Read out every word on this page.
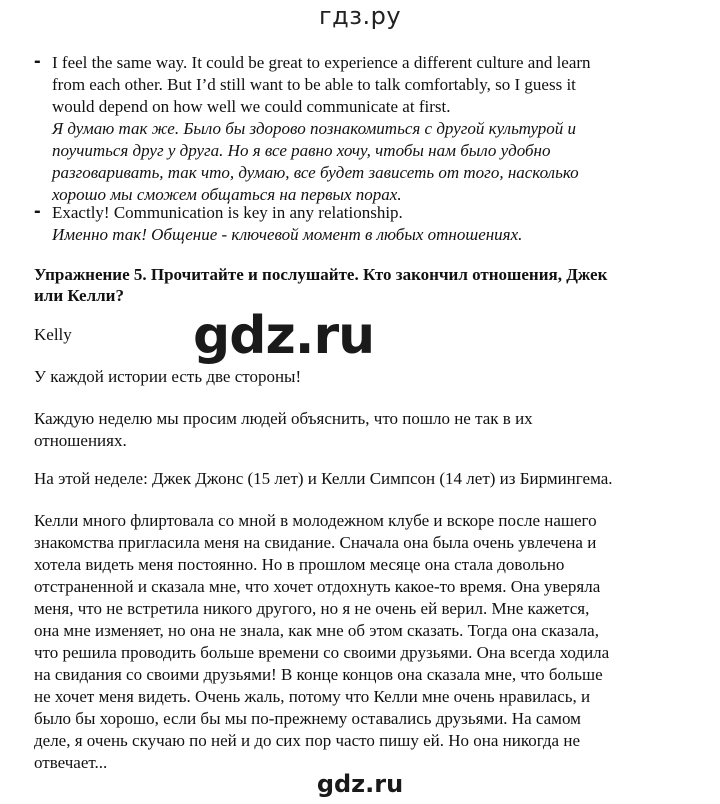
гдз.ру
- I feel the same way. It could be great to experience a different culture and learn
from each other. But I’d still want to be able to talk comfortably, so I guess it
would depend on how well we could communicate at first.
Я думаю так же. Было бы здорово познакомиться с другой культурой и
поучиться друг у друга. Но я все равно хочу, чтобы нам было удобно
разговаривать, так что, думаю, все будет зависеть от того, насколько
хорошо мы сможем общаться на первых порах.
- Exactly! Communication is key in any relationship.
Именно так! Общение - ключевой момент в любых отношениях.
Упражнение 5. Прочитайте и послушайте. Кто закончил отношения, Джек
или Келли?
Kelly	gdz.ru
У каждой истории есть две стороны!
Каждую неделю мы просим людей объяснить, что пошло не так в их
отношениях.
На этой неделе: Джек Джонс (15 лет) и Келли Симпсон (14 лет) из Бирмингема.
Келли много флиртовала со мной в молодежном клубе и вскоре после нашего
знакомства пригласила меня на свидание. Сначала она была очень увлечена и
хотела видеть меня постоянно. Но в прошлом месяце она стала довольно
отстраненной и сказала мне, что хочет отдохнуть какое-то время. Она уверяла
меня, что не встретила никого другого, но я не очень ей верил. Мне кажется,
она мне изменяет, но она не знала, как мне об этом сказать. Тогда она сказала,
что решила проводить больше времени со своими друзьями. Она всегда ходила
на свидания со своими друзьями! В конце концов она сказала мне, что больше
не хочет меня видеть. Очень жаль, потому что Келли мне очень нравилась, и
было бы хорошо, если бы мы по-прежнему оставались друзьями. На самом
деле, я очень скучаю по ней и до сих пор часто пишу ей. Но она никогда не
отвечает...
gdz.ru
